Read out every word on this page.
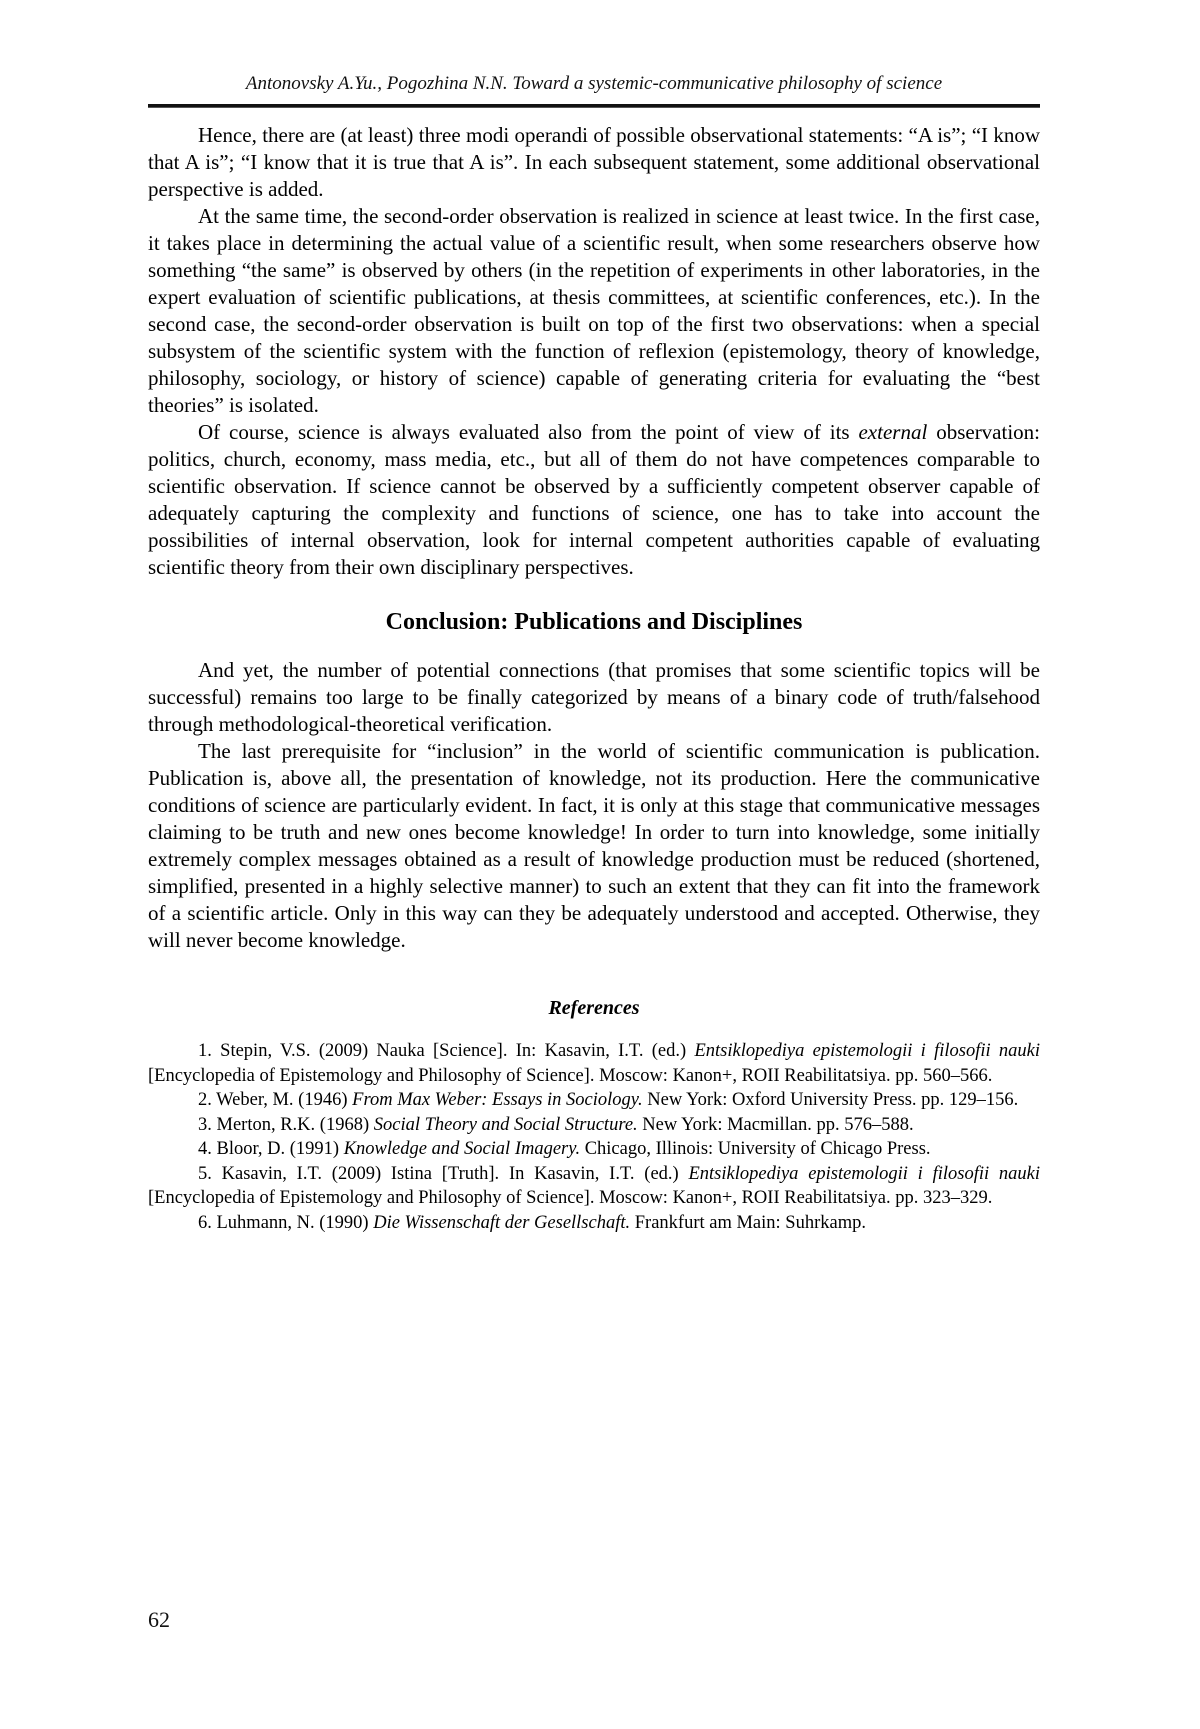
Antonovsky A.Yu., Pogozhina N.N. Toward a systemic-communicative philosophy of science

Hence, there are (at least) three modi operandi of possible observational statements: “A is”; “I know that A is”; “I know that it is true that A is”. In each subsequent statement, some additional observational perspective is added.

At the same time, the second-order observation is realized in science at least twice. In the first case, it takes place in determining the actual value of a scientific result, when some researchers observe how something “the same” is observed by others (in the repetition of experiments in other laboratories, in the expert evaluation of scientific publications, at thesis committees, at scientific conferences, etc.). In the second case, the second-order observation is built on top of the first two observations: when a special subsystem of the scientific system with the function of reflexion (epistemology, theory of knowledge, philosophy, sociology, or history of science) capable of generating criteria for evaluating the “best theories” is isolated.

Of course, science is always evaluated also from the point of view of its external observation: politics, church, economy, mass media, etc., but all of them do not have competences comparable to scientific observation. If science cannot be observed by a sufficiently competent observer capable of adequately capturing the complexity and functions of science, one has to take into account the possibilities of internal observation, look for internal competent authorities capable of evaluating scientific theory from their own disciplinary perspectives.

Conclusion: Publications and Disciplines

And yet, the number of potential connections (that promises that some scientific topics will be successful) remains too large to be finally categorized by means of a binary code of truth/falsehood through methodological-theoretical verification.

The last prerequisite for “inclusion” in the world of scientific communication is publication. Publication is, above all, the presentation of knowledge, not its production. Here the communicative conditions of science are particularly evident. In fact, it is only at this stage that communicative messages claiming to be truth and new ones become knowledge! In order to turn into knowledge, some initially extremely complex messages obtained as a result of knowledge production must be reduced (shortened, simplified, presented in a highly selective manner) to such an extent that they can fit into the framework of a scientific article. Only in this way can they be adequately understood and accepted. Otherwise, they will never become knowledge.

References

1. Stepin, V.S. (2009) Nauka [Science]. In: Kasavin, I.T. (ed.) Entsiklopediya epistemologii i filosofii nauki [Encyclopedia of Epistemology and Philosophy of Science]. Moscow: Kanon+, ROII Reabilitatsiya. pp. 560–566.

2. Weber, M. (1946) From Max Weber: Essays in Sociology. New York: Oxford University Press. pp. 129–156.

3. Merton, R.K. (1968) Social Theory and Social Structure. New York: Macmillan. pp. 576–588.

4. Bloor, D. (1991) Knowledge and Social Imagery. Chicago, Illinois: University of Chicago Press.

5. Kasavin, I.T. (2009) Istina [Truth]. In Kasavin, I.T. (ed.) Entsiklopediya epistemologii i filosofii nauki [Encyclopedia of Epistemology and Philosophy of Science]. Moscow: Kanon+, ROII Reabilitatsiya. pp. 323–329.

6. Luhmann, N. (1990) Die Wissenschaft der Gesellschaft. Frankfurt am Main: Suhrkamp.

62
